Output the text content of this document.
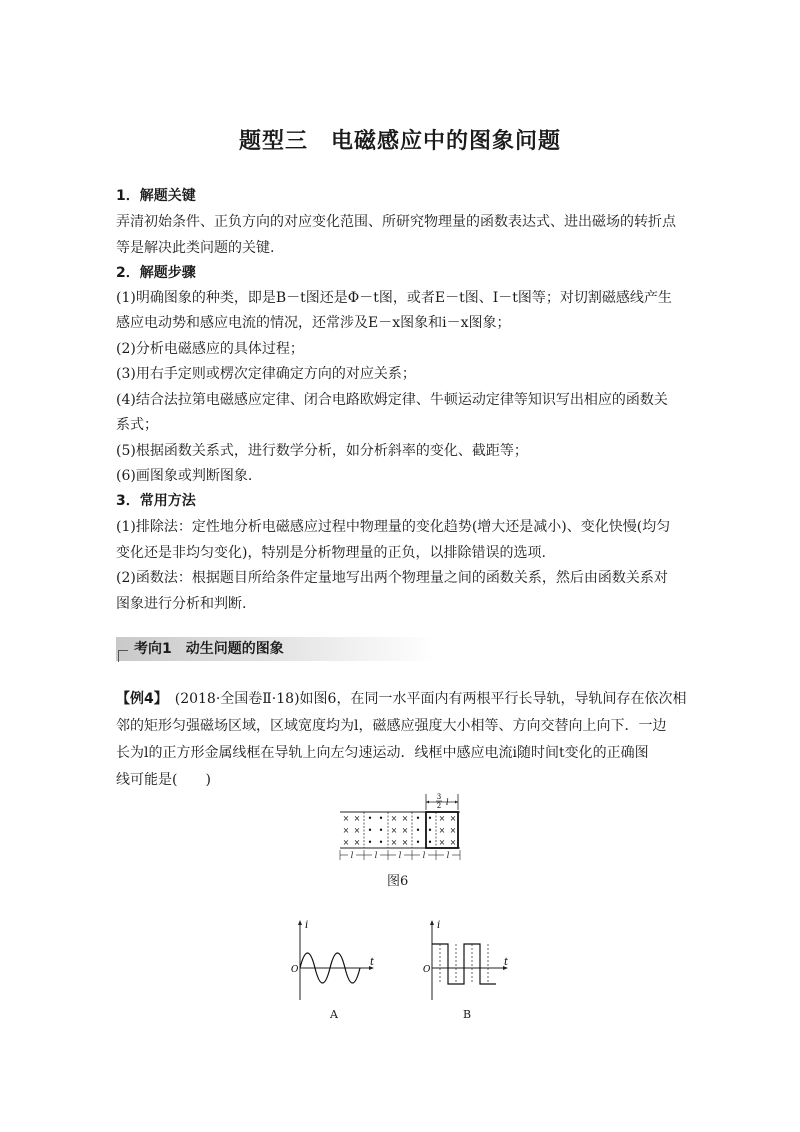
题型三　电磁感应中的图象问题
1．解题关键
弄清初始条件、正负方向的对应变化范围、所研究物理量的函数表达式、进出磁场的转折点
等是解决此类问题的关键.
2．解题步骤
(1)明确图象的种类，即是B－t图还是Φ－t图，或者E－t图、I－t图等；对切割磁感线产生
感应电动势和感应电流的情况，还常涉及E－x图象和i－x图象；
(2)分析电磁感应的具体过程；
(3)用右手定则或楞次定律确定方向的对应关系；
(4)结合法拉第电磁感应定律、闭合电路欧姆定律、牛顿运动定律等知识写出相应的函数关
系式；
(5)根据函数关系式，进行数学分析，如分析斜率的变化、截距等；
(6)画图象或判断图象.
3．常用方法
(1)排除法：定性地分析电磁感应过程中物理量的变化趋势(增大还是减小)、变化快慢(均匀
变化还是非均匀变化)，特别是分析物理量的正负，以排除错误的选项.
(2)函数法：根据题目所给条件定量地写出两个物理量之间的函数关系，然后由函数关系对
图象进行分析和判断.
考向1　动生问题的图象
【例4】　(2018·全国卷Ⅱ·18)如图6，在同一水平面内有两根平行长导轨，导轨间存在依次相
邻的矩形匀强磁场区域，区域宽度均为l，磁感应强度大小相等、方向交替向上向下．一边
长为l的正方形金属线框在导轨上向左匀速运动．线框中感应电流i随时间t变化的正确图
线可能是(　　)
3
2 l
× ×
× ×
× ×
• •
• •
• •
× ×
× ×
× ×
• •
• •
• •
× ×
× ×
× ×
l	l	l	l	l
图6
i
t
O
A
i
t
O
B
